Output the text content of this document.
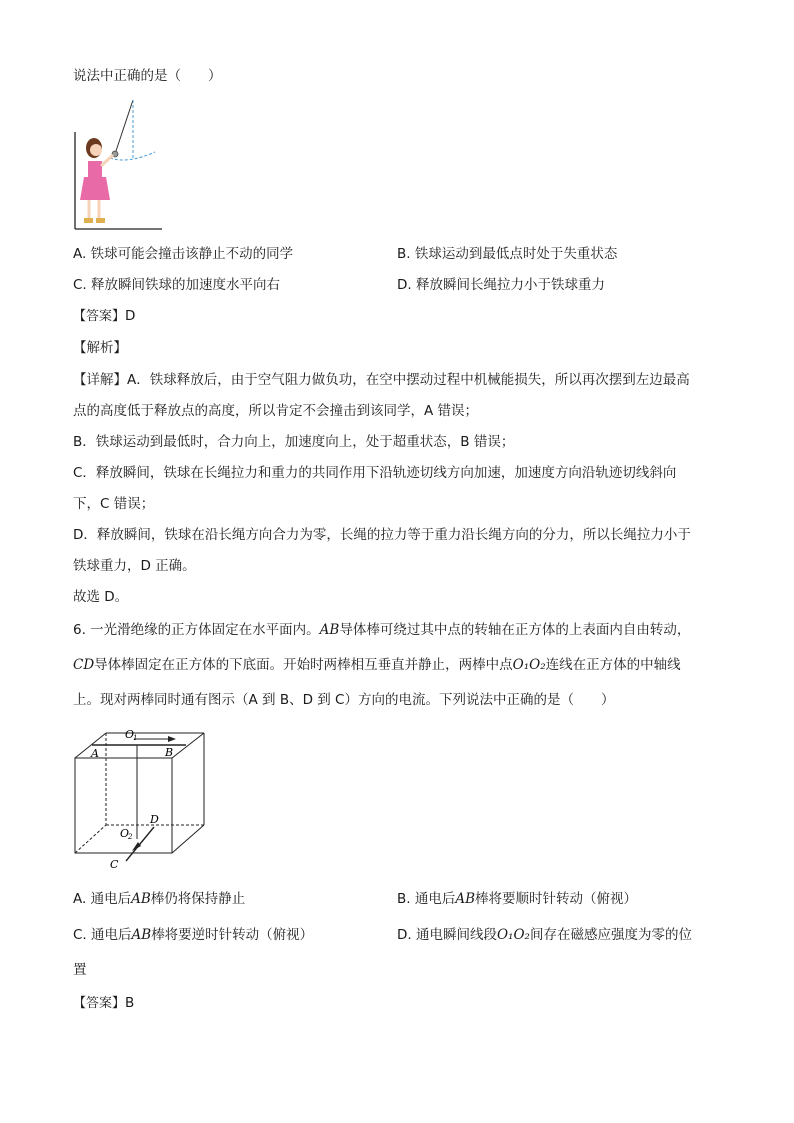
说法中正确的是（　　）
A. 铁球可能会撞击该静止不动的同学	B. 铁球运动到最低点时处于失重状态
C. 释放瞬间铁球的加速度水平向右	D. 释放瞬间长绳拉力小于铁球重力
【答案】D
【解析】
【详解】A．铁球释放后，由于空气阻力做负功，在空中摆动过程中机械能损失，所以再次摆到左边最高
点的高度低于释放点的高度，所以肯定不会撞击到该同学，A 错误；
B．铁球运动到最低时，合力向上，加速度向上，处于超重状态，B 错误；
C．释放瞬间，铁球在长绳拉力和重力的共同作用下沿轨迹切线方向加速，加速度方向沿轨迹切线斜向
下，C 错误；
D．释放瞬间，铁球在沿长绳方向合力为零，长绳的拉力等于重力沿长绳方向的分力，所以长绳拉力小于
铁球重力，D 正确。
故选 D。
6. 一光滑绝缘的正方体固定在水平面内。AB导体棒可绕过其中点的转轴在正方体的上表面内自由转动，
CD导体棒固定在正方体的下底面。开始时两棒相互垂直并静止，两棒中点O₁O₂连线在正方体的中轴线
上。现对两棒同时通有图示（A 到 B、D 到 C）方向的电流。下列说法中正确的是（　　）
O
1
A	B
O
2
D
C
A. 通电后AB棒仍将保持静止	B. 通电后AB棒将要顺时针转动（俯视）
C. 通电后AB棒将要逆时针转动（俯视）	D. 通电瞬间线段O₁O₂间存在磁感应强度为零的位
置
【答案】B
